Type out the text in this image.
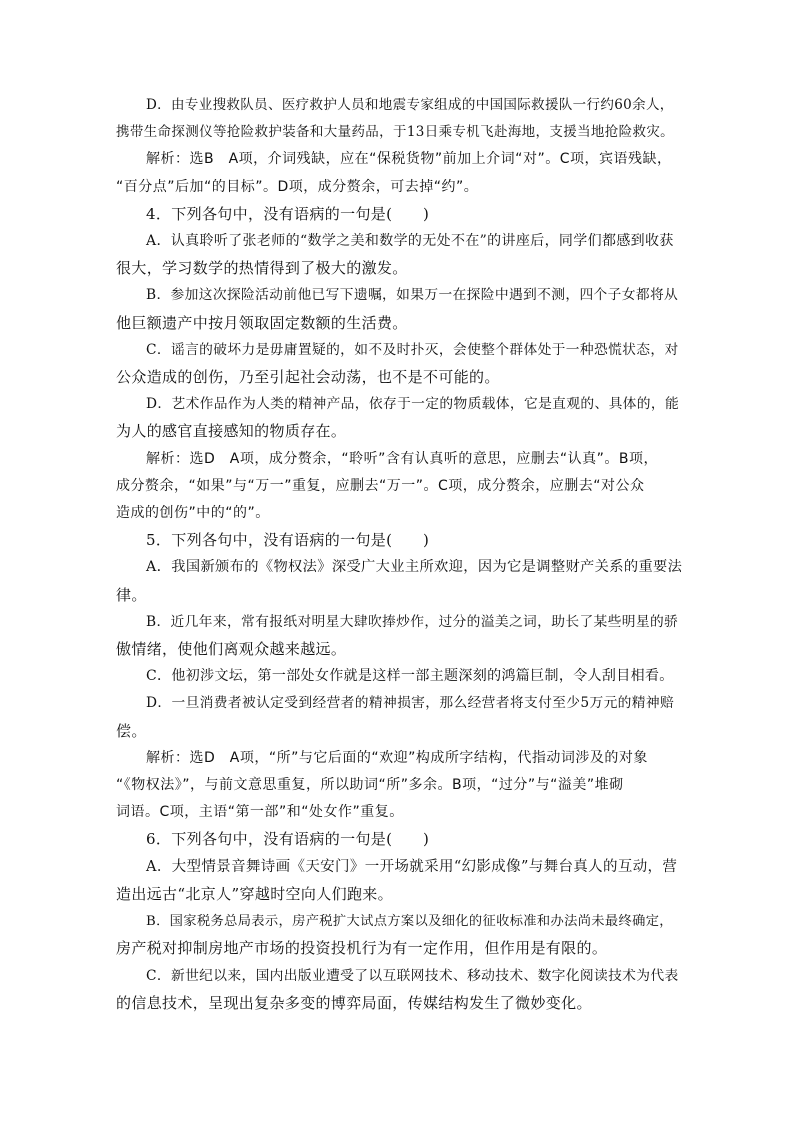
D．由专业搜救队员、医疗救护人员和地震专家组成的中国国际救援队一行约60余人，
携带生命探测仪等抢险救护装备和大量药品，于13日乘专机飞赴海地，支援当地抢险救灾。
解析：选B　A项，介词残缺，应在“保税货物”前加上介词“对”。C项，宾语残缺，
“百分点”后加“的目标”。D项，成分赘余，可去掉“约”。
4．下列各句中，没有语病的一句是(　　)
A．认真聆听了张老师的“数学之美和数学的无处不在”的讲座后，同学们都感到收获
很大，学习数学的热情得到了极大的激发。
B．参加这次探险活动前他已写下遗嘱，如果万一在探险中遇到不测，四个子女都将从
他巨额遗产中按月领取固定数额的生活费。
C．谣言的破坏力是毋庸置疑的，如不及时扑灭，会使整个群体处于一种恐慌状态，对
公众造成的创伤，乃至引起社会动荡，也不是不可能的。
D．艺术作品作为人类的精神产品，依存于一定的物质载体，它是直观的、具体的，能
为人的感官直接感知的物质存在。
解析：选D　A项，成分赘余，“聆听”含有认真听的意思，应删去“认真”。B项，
成分赘余，“如果”与“万一”重复，应删去“万一”。C项，成分赘余，应删去“对公众
造成的创伤”中的“的”。
5．下列各句中，没有语病的一句是(　　)
A．我国新颁布的《物权法》深受广大业主所欢迎，因为它是调整财产关系的重要法
律。
B．近几年来，常有报纸对明星大肆吹捧炒作，过分的溢美之词，助长了某些明星的骄
傲情绪，使他们离观众越来越远。
C．他初涉文坛，第一部处女作就是这样一部主题深刻的鸿篇巨制，令人刮目相看。
D．一旦消费者被认定受到经营者的精神损害，那么经营者将支付至少5万元的精神赔
偿。
解析：选D　A项，“所”与它后面的“欢迎”构成所字结构，代指动词涉及的对象
“《物权法》”，与前文意思重复，所以助词“所”多余。B项，“过分”与“溢美”堆砌
词语。C项，主语“第一部”和“处女作”重复。
6．下列各句中，没有语病的一句是(　　)
A．大型情景音舞诗画《天安门》一开场就采用“幻影成像”与舞台真人的互动，营
造出远古“北京人”穿越时空向人们跑来。
B．国家税务总局表示，房产税扩大试点方案以及细化的征收标准和办法尚未最终确定，
房产税对抑制房地产市场的投资投机行为有一定作用，但作用是有限的。
C．新世纪以来，国内出版业遭受了以互联网技术、移动技术、数字化阅读技术为代表
的信息技术，呈现出复杂多变的博弈局面，传媒结构发生了微妙变化。
